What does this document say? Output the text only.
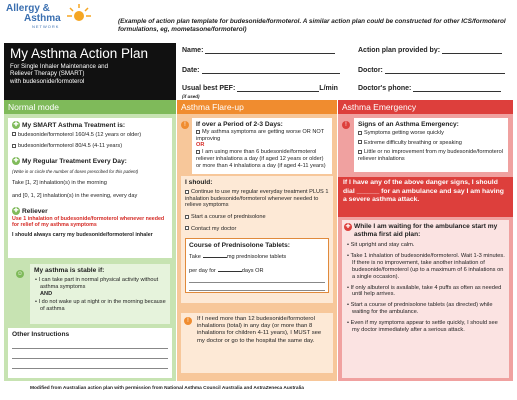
Allergy &
Asthma
NETWORK
(Example of action plan template for budesonide/formoterol. A similar action plan could be constructed for other ICS/formoterol formulations, eg, mometasone/formoterol)
My Asthma Action Plan
For Single Inhaler Maintenance and
Reliever Therapy (SMART)
with budesonide/formoterol
Name:
Date:
Usual best PEF:	L/min
(if used)
Action plan provided by:
Doctor:
Doctor's phone:
Normal mode
✚ My SMART Asthma Treatment is:
budesonide/formoterol 160/4.5 (12 years or older)
budesonide/formoterol 80/4.5 (4-11 years)
✚ My Regular Treatment Every Day:
(Write in or circle the number of doses prescribed for this patient)
Take [1, 2] inhalation(s) in the morning
and [0, 1, 2] inhalation(s) in the evening, every day
✚ Reliever
Use 1 inhalation of budesonide/formoterol whenever needed for relief of my asthma symptoms
I should always carry my budesonide/formoterol inhaler
My asthma is stable if:
• I can take part in normal physical activity without asthma symptoms
AND
• I do not wake up at night or in the morning because of asthma
☺
Other Instructions
Asthma Flare-up
If over a Period of 2-3 Days:
My asthma symptoms are getting worse OR NOT improving
OR
I am using more than 6 budesonide/formoterol reliever inhalations a day (if aged 12 years or older) or more than 4 inhalations a day (if aged 4-11 years)
!
I should:
Continue to use my regular everyday treatment PLUS 1 inhalation budesonide/formoterol whenever needed to relieve symptoms
Start a course of prednisolone
Contact my doctor
Course of Prednisolone Tablets:
Take	mg prednisolone tablets
per day for	days OR
If I need more than 12 budesonide/formoterol inhalations (total) in any day (or more than 8 inhalations for children 4-11 years), I MUST see my doctor or go to the hospital the same day.
!
Asthma Emergency
Signs of an Asthma Emergency:
Symptoms getting worse quickly
Extreme difficulty breathing or speaking
Little or no improvement from my budesonide/formoterol reliever inhalations
!
If I have any of the above danger signs, I should dial ______ for an ambulance and say I am having a severe asthma attack.
While I am waiting for the ambulance start my asthma first aid plan:
• Sit upright and stay calm.
• Take 1 inhalation of budesonide/formoterol. Wait 1-3 minutes. If there is no improvement, take another inhalation of budesonide/formoterol (up to a maximum of 6 inhalations on a single occasion).
• If only albuterol is available, take 4 puffs as often as needed until help arrives.
• Start a course of prednisolone tablets (as directed) while waiting for the ambulance.
• Even if my symptoms appear to settle quickly, I should see my doctor immediately after a serious attack.
✚
Modified from Australian action plan with permission from National Asthma Council Australia and AstraZeneca Australia
